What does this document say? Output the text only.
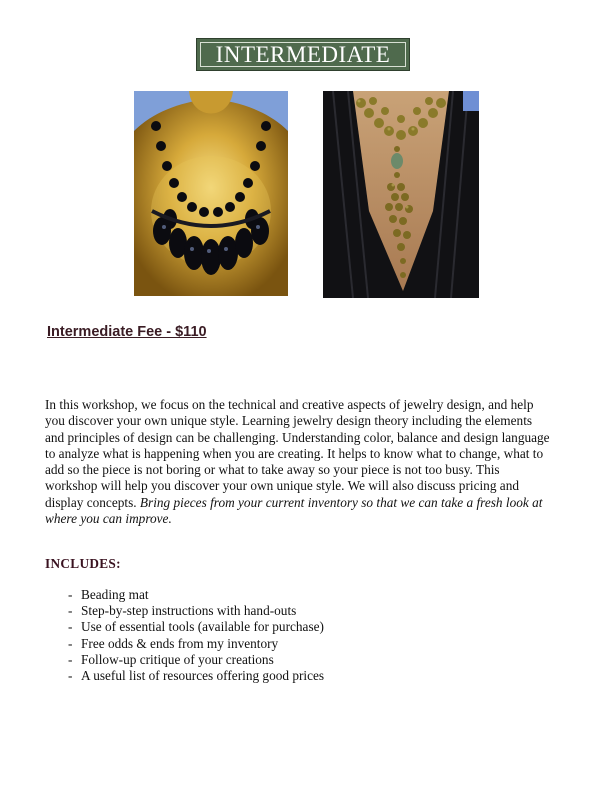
INTERMEDIATE
Intermediate Fee - $110

In this workshop, we focus on the technical and creative aspects of jewelry design, and help you discover your own unique style. Learning jewelry design theory including the elements and principles of design can be challenging. Understanding color, balance and design language to analyze what is happening when you are creating. It helps to know what to change, what to add so the piece is not boring or what to take away so your piece is not too busy. This workshop will help you discover your own unique style. We will also discuss pricing and display concepts. Bring pieces from your current inventory so that we can take a fresh look at where you can improve.

INCLUDES:
- Beading mat
- Step-by-step instructions with hand-outs
- Use of essential tools (available for purchase)
- Free odds & ends from my inventory
- Follow-up critique of your creations
- A useful list of resources offering good prices
